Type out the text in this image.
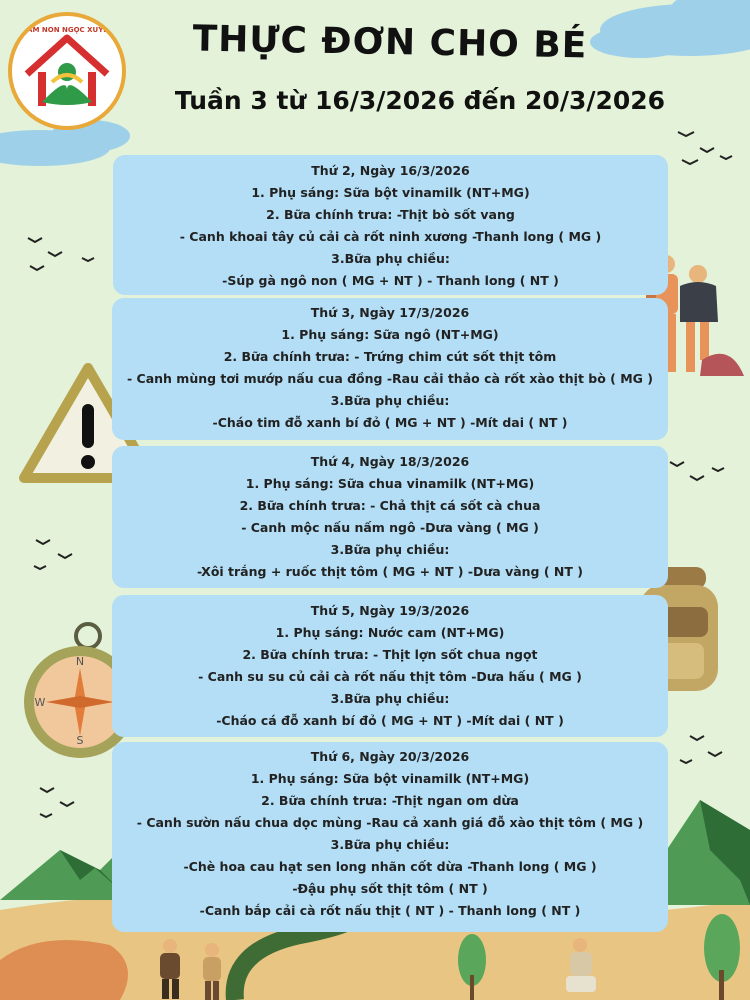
MẦM NON NGỌC XUYÊN	THỰC ĐƠN CHO BÉ
Tuần 3 từ 16/3/2026 đến 20/3/2026
N
S
W
Thứ 2, Ngày 16/3/2026
1. Phụ sáng: Sữa bột vinamilk (NT+MG)
2. Bữa chính trưa: -Thịt bò sốt vang
- Canh khoai tây củ cải cà rốt ninh xương -Thanh long ( MG )
3.Bữa phụ chiều:
-Súp gà ngô non ( MG + NT ) - Thanh long ( NT )
Thứ 3, Ngày 17/3/2026
1. Phụ sáng: Sữa ngô (NT+MG)
2. Bữa chính trưa: - Trứng chim cút sốt thịt tôm
- Canh mùng tơi mướp nấu cua đồng -Rau cải thảo cà rốt xào thịt bò ( MG )
3.Bữa phụ chiều:
-Cháo tim đỗ xanh bí đỏ ( MG + NT ) -Mít dai ( NT )
Thứ 4, Ngày 18/3/2026
1. Phụ sáng: Sữa chua vinamilk (NT+MG)
2. Bữa chính trưa: - Chả thịt cá sốt cà chua
- Canh mộc nấu nấm ngô -Dưa vàng ( MG )
3.Bữa phụ chiều:
-Xôi trắng + ruốc thịt tôm ( MG + NT ) -Dưa vàng ( NT )
Thứ 5, Ngày 19/3/2026
1. Phụ sáng: Nước cam (NT+MG)
2. Bữa chính trưa: - Thịt lợn sốt chua ngọt
- Canh su su củ cải cà rốt nấu thịt tôm -Dưa hấu ( MG )
3.Bữa phụ chiều:
-Cháo cá đỗ xanh bí đỏ ( MG + NT ) -Mít dai ( NT )
Thứ 6, Ngày 20/3/2026
1. Phụ sáng: Sữa bột vinamilk (NT+MG)
2. Bữa chính trưa: -Thịt ngan om dừa
- Canh sườn nấu chua dọc mùng -Rau cả xanh giá đỗ xào thịt tôm ( MG )
3.Bữa phụ chiều:
-Chè hoa cau hạt sen long nhãn cốt dừa -Thanh long ( MG )
-Đậu phụ sốt thịt tôm ( NT )
-Canh bắp cải cà rốt nấu thịt ( NT ) - Thanh long ( NT )
